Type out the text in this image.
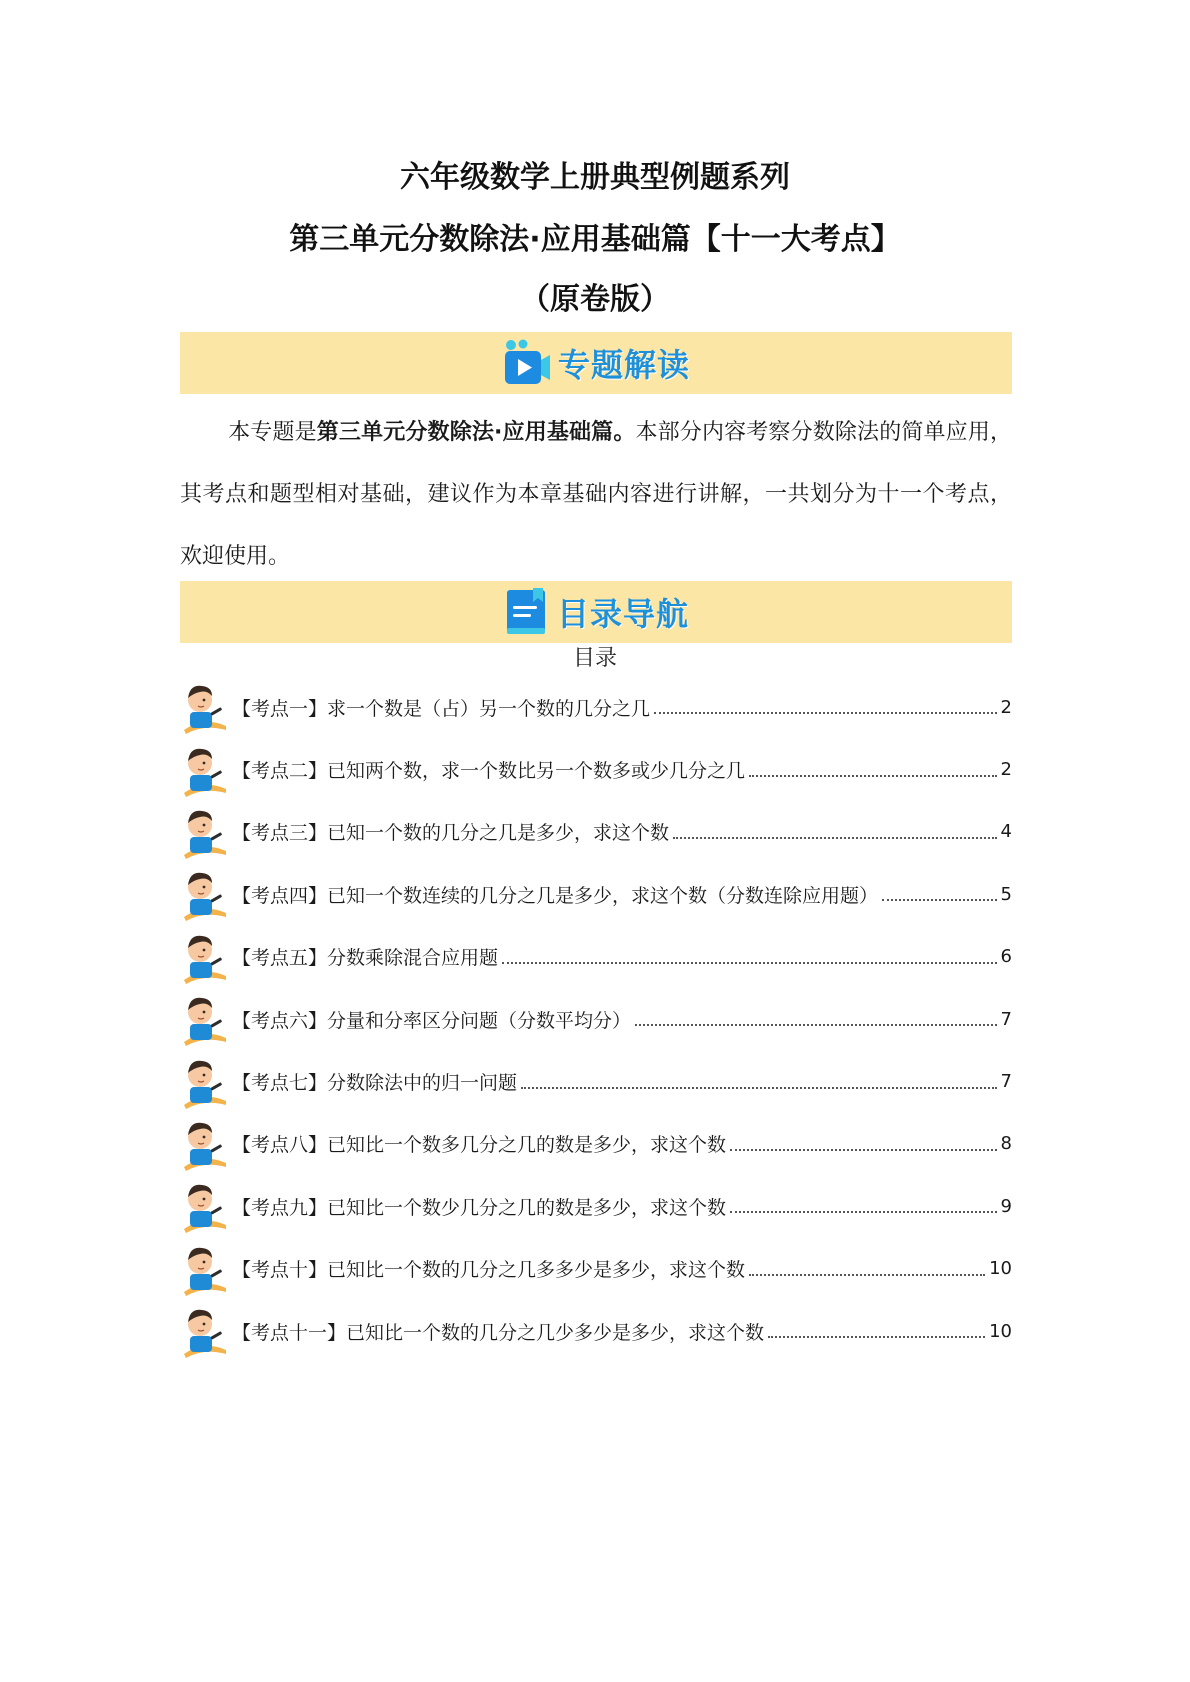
六年级数学上册典型例题系列
第三单元分数除法·应用基础篇【十一大考点】
（原卷版）
专题解读
本专题是第三单元分数除法·应用基础篇。本部分内容考察分数除法的简单应用，其考点和题型相对基础，建议作为本章基础内容进行讲解，一共划分为十一个考点，欢迎使用。
目录导航
目录
【考点一】求一个数是（占）另一个数的几分之几	2
【考点二】已知两个数，求一个数比另一个数多或少几分之几	2
【考点三】已知一个数的几分之几是多少，求这个数	4
【考点四】已知一个数连续的几分之几是多少，求这个数（分数连除应用题）	5
【考点五】分数乘除混合应用题	6
【考点六】分量和分率区分问题（分数平均分）	7
【考点七】分数除法中的归一问题	7
【考点八】已知比一个数多几分之几的数是多少，求这个数	8
【考点九】已知比一个数少几分之几的数是多少，求这个数	9
【考点十】已知比一个数的几分之几多多少是多少，求这个数	10
【考点十一】已知比一个数的几分之几少多少是多少，求这个数	10
